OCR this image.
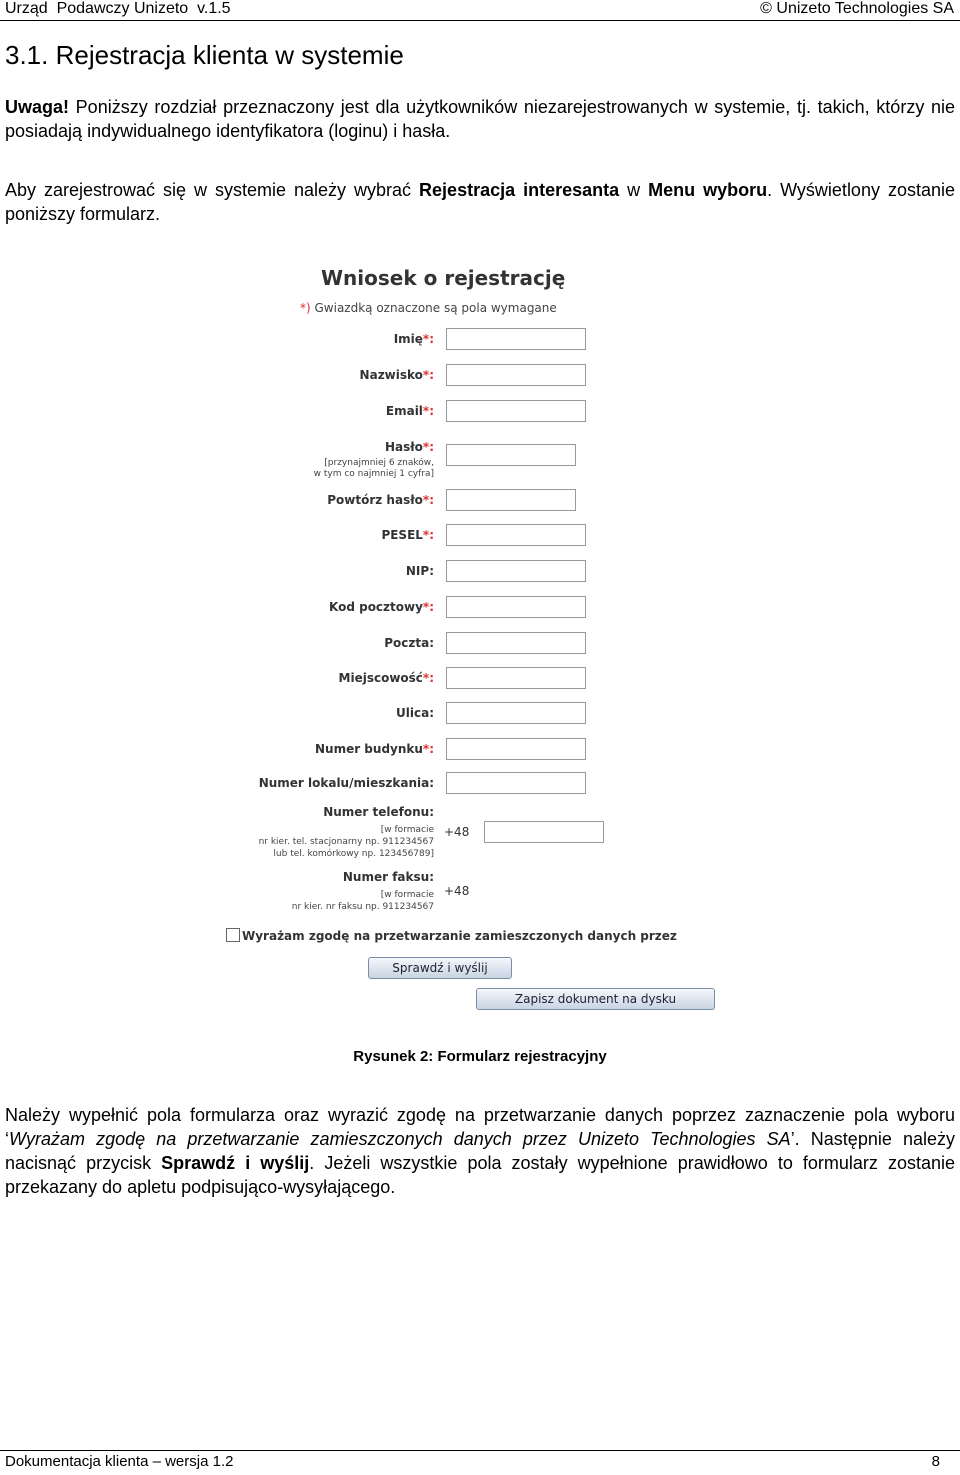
Urząd  Podawczy Unizeto  v.1.5	© Unizeto Technologies SA
3.1. Rejestracja klienta w systemie
Uwaga! Poniższy rozdział przeznaczony jest dla użytkowników niezarejestrowanych w systemie, tj. takich, którzy nie posiadają indywidualnego identyfikatora (loginu) i hasła.
Aby zarejestrować się w systemie należy wybrać Rejestracja interesanta w Menu wyboru. Wyświetlony zostanie poniższy formularz.
Wniosek o rejestrację
*) Gwiazdką oznaczone są pola wymagane
Imię*:
Nazwisko*:
Email*:
Hasło*:
[przynajmniej 6 znaków,
w tym co najmniej 1 cyfra]
Powtórz hasło*:
PESEL*:
NIP:
Kod pocztowy*:
Poczta:
Miejscowość*:
Ulica:
Numer budynku*:
Numer lokalu/mieszkania:
Numer telefonu:
[w formacie
nr kier. tel. stacjonarny np. 911234567
lub tel. komórkowy np. 123456789]
+48
Numer faksu:
[w formacie
nr kier. nr faksu np. 911234567
+48
Wyrażam zgodę na przetwarzanie zamieszczonych danych przez
Sprawdź i wyślij
Zapisz dokument na dysku
Rysunek 2: Formularz rejestracyjny
Należy wypełnić pola formularza oraz wyrazić zgodę na przetwarzanie danych poprzez zaznaczenie pola wyboru ‘Wyrażam zgodę na przetwarzanie zamieszczonych danych przez Unizeto Technologies SA’. Następnie należy nacisnąć przycisk Sprawdź i wyślij. Jeżeli wszystkie pola zostały wypełnione prawidłowo to formularz zostanie przekazany do apletu podpisująco-wysyłającego.
Dokumentacja klienta – wersja 1.2	8
